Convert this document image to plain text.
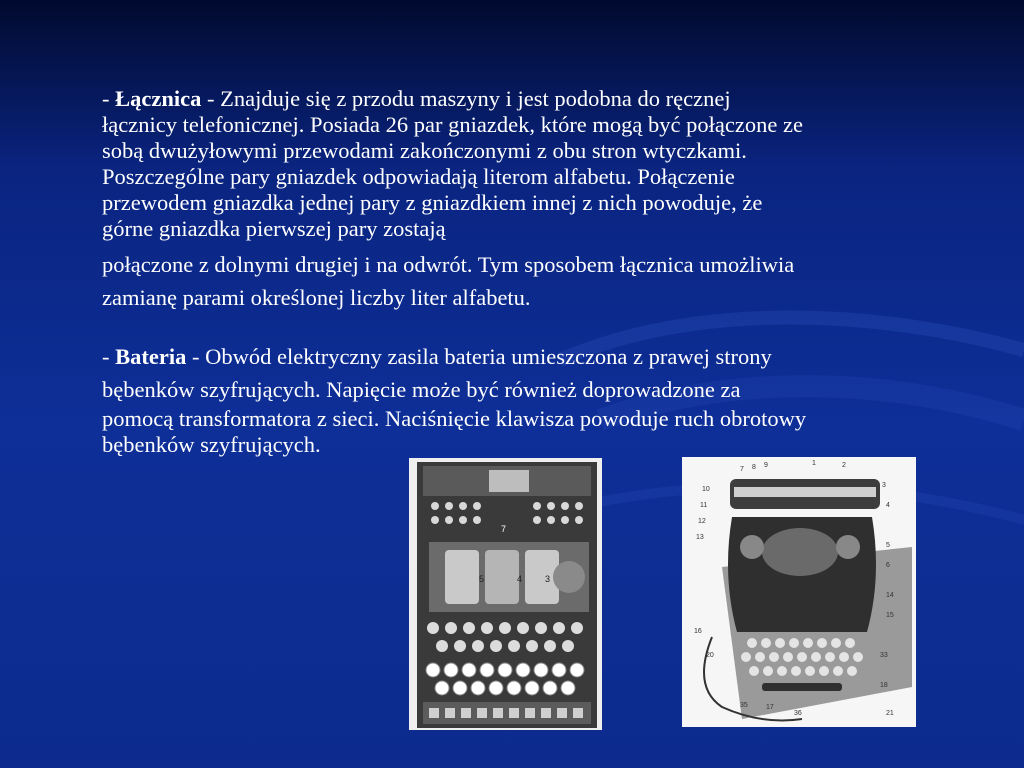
- Łącznica - Znajduje się z przodu maszyny i jest podobna do ręcznej
łącznicy telefonicznej. Posiada 26 par gniazdek, które mogą być połączone ze
sobą dwużyłowymi przewodami zakończonymi z obu stron wtyczkami.
Poszczególne pary gniazdek odpowiadają literom alfabetu. Połączenie
przewodem gniazdka jednej pary z gniazdkiem innej z nich powoduje, że
górne gniazdka pierwszej pary zostają

połączone z dolnymi drugiej i na odwrót. Tym sposobem łącznica umożliwia
zamianę parami określonej liczby liter alfabetu.

- Bateria - Obwód elektryczny zasila bateria umieszczona z prawej strony
bębenków szyfrujących. Napięcie może być również doprowadzone za

pomocą transformatora z sieci. Naciśnięcie klawisza powoduje ruch obrotowy
bębenków szyfrujących.

7
5	4	3
7 8 9
10
11
1	2
3
4
5
6
12
13
14
15
16
20	33
35
36
17
18
21
